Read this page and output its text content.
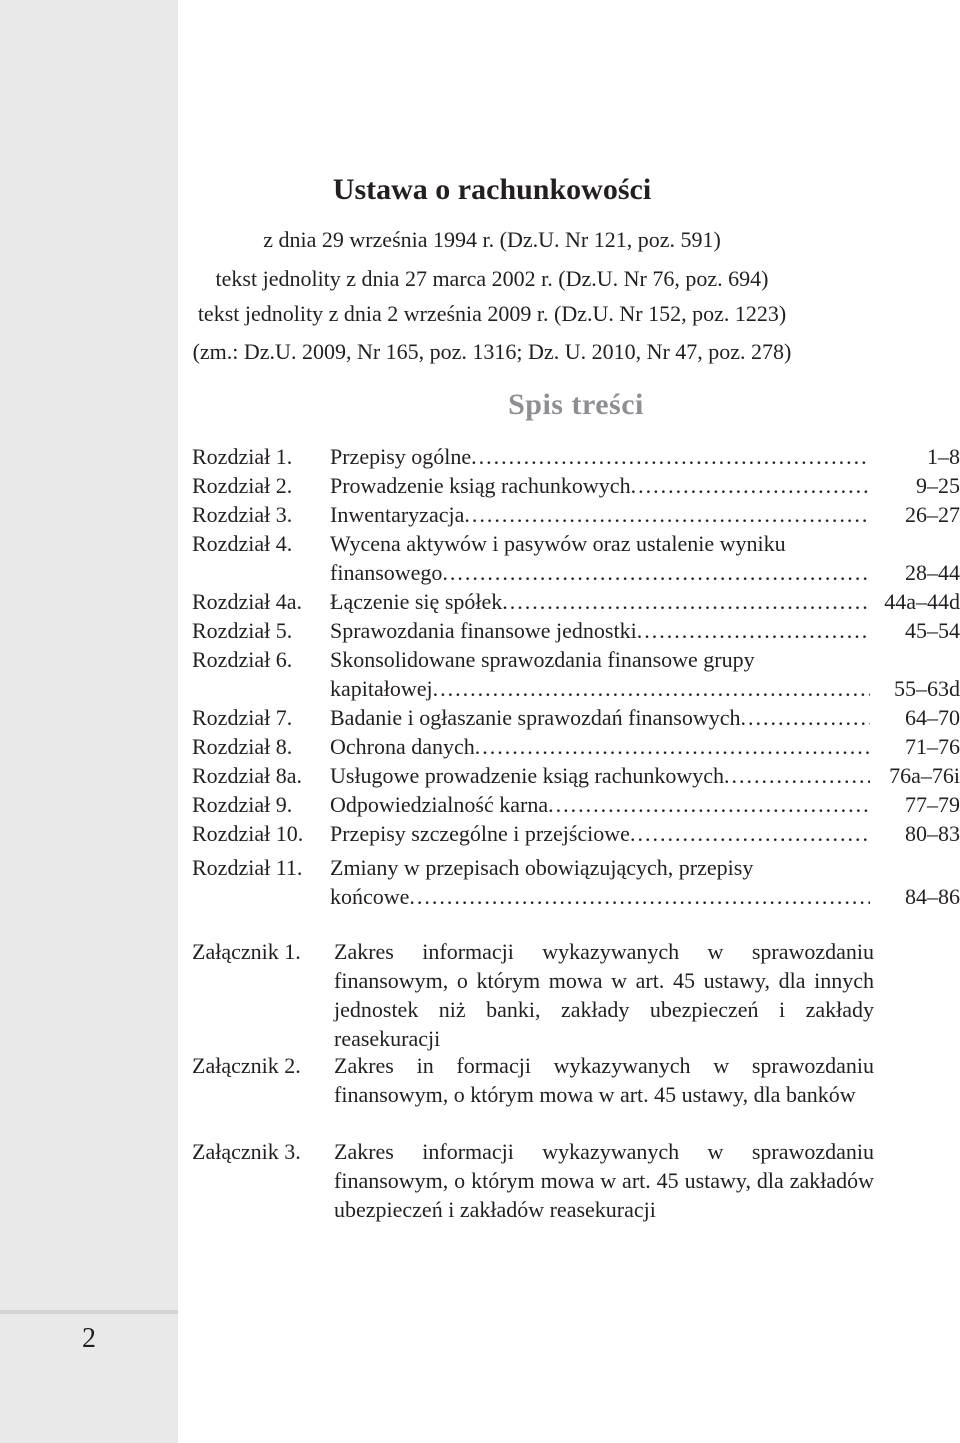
2
Ustawa o rachunkowości
z dnia 29 września 1994 r. (Dz.U. Nr 121, poz. 591)
tekst jednolity z dnia 27 marca 2002 r. (Dz.U. Nr 76, poz. 694)
tekst jednolity z dnia 2 września 2009 r. (Dz.U. Nr 152, poz. 1223)
(zm.: Dz.U. 2009, Nr 165, poz. 1316; Dz. U. 2010, Nr 47, poz. 278)
Spis treści
Rozdział 1.	Przepisy ogólne .....	1–8
Rozdział 2.	Prowadzenie ksiąg rachunkowych .....	9–25
Rozdział 3.	Inwentaryzacja .....	26–27
Rozdział 4.	Wycena aktywów i pasywów oraz ustalenie wyniku
finansowego .....	28–44
Rozdział 4a.	Łączenie się spółek .....	44a–44d
Rozdział 5.	Sprawozdania finansowe jednostki .....	45–54
Rozdział 6.	Skonsolidowane sprawozdania finansowe grupy
kapitałowej .....	55–63d
Rozdział 7.	Badanie i ogłaszanie sprawozdań finansowych .....	64–70
Rozdział 8.	Ochrona danych .....	71–76
Rozdział 8a.	Usługowe prowadzenie ksiąg rachunkowych .....	76a–76i
Rozdział 9.	Odpowiedzialność karna .....	77–79
Rozdział 10.	Przepisy szczególne i przejściowe .....	80–83
Rozdział 11.	Zmiany w przepisach obowiązujących, przepisy
końcowe .....	84–86
Załącznik 1. Zakres informacji wykazywanych w sprawozdaniu finansowym, o którym mowa w art. 45 ustawy, dla innych jednostek niż banki, zakłady ubezpieczeń i zakłady reasekuracji
Załącznik 2. Zakres in formacji wykazywanych w sprawozdaniu finansowym, o którym mowa w art. 45 ustawy, dla banków
Załącznik 3. Zakres informacji wykazywanych w sprawozdaniu finansowym, o którym mowa w art. 45 ustawy, dla zakładów ubezpieczeń i zakładów reasekuracji
